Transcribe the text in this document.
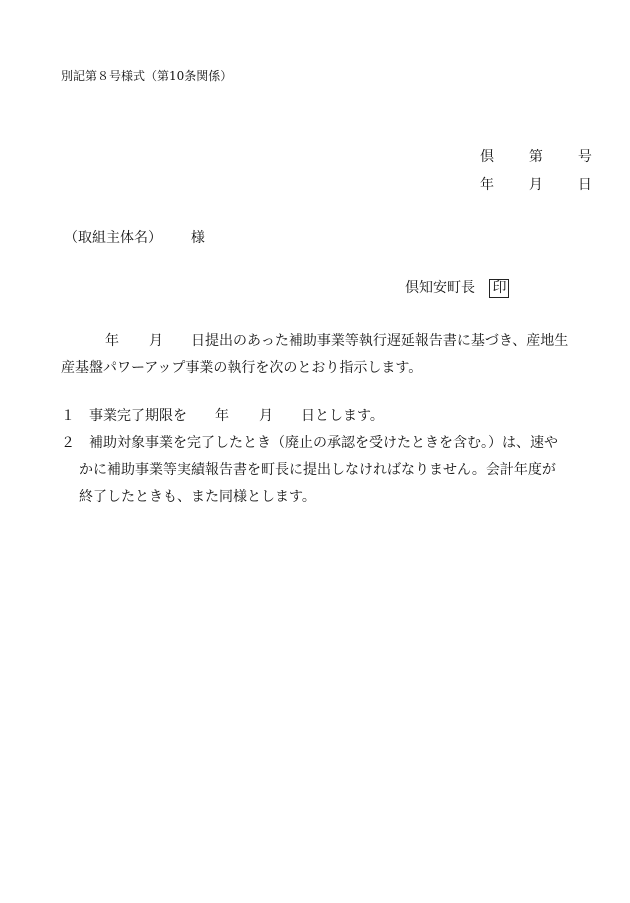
別記第８号様式（第10条関係）
倶 第 号
年 月 日
（取組主体名） 様
倶知安町長 印
年 月 日提出のあった補助事業等執行遅延報告書に基づき、産地生
産基盤パワーアップ事業の執行を次のとおり指示します。
１ 事業完了期限を 年 月 日とします。
２ 補助対象事業を完了したとき（廃止の承認を受けたときを含む。）は、速や
かに補助事業等実績報告書を町長に提出しなければなりません。会計年度が
終了したときも、また同様とします。
